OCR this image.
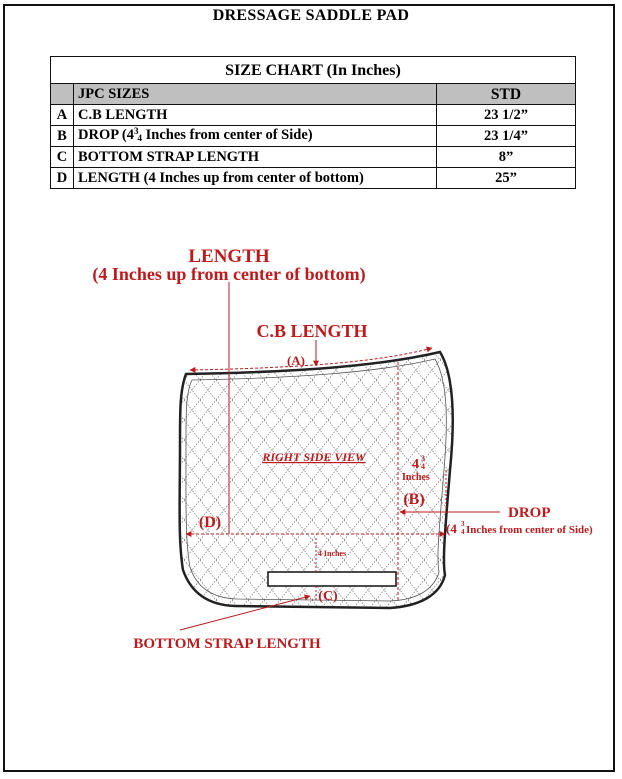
DRESSAGE SADDLE PAD
SIZE CHART (In Inches)		
	JPC SIZES	STD
A	C.B LENGTH	23 1/2”
B	DROP ($4^34$ Inches from center of Side)	23 1/4”
C	BOTTOM STRAP LENGTH	8”
D	LENGTH (4 Inches up from center of bottom)	25”
LENGTH
(4 Inches up from center of bottom)
C.B LENGTH
(A)
RIGHT SIDE VIEW	4 3
4
Inches
(B)
DROP
(4 3
4 Inches from center of Side)
(D)
4 Inches
(C)
BOTTOM STRAP LENGTH
